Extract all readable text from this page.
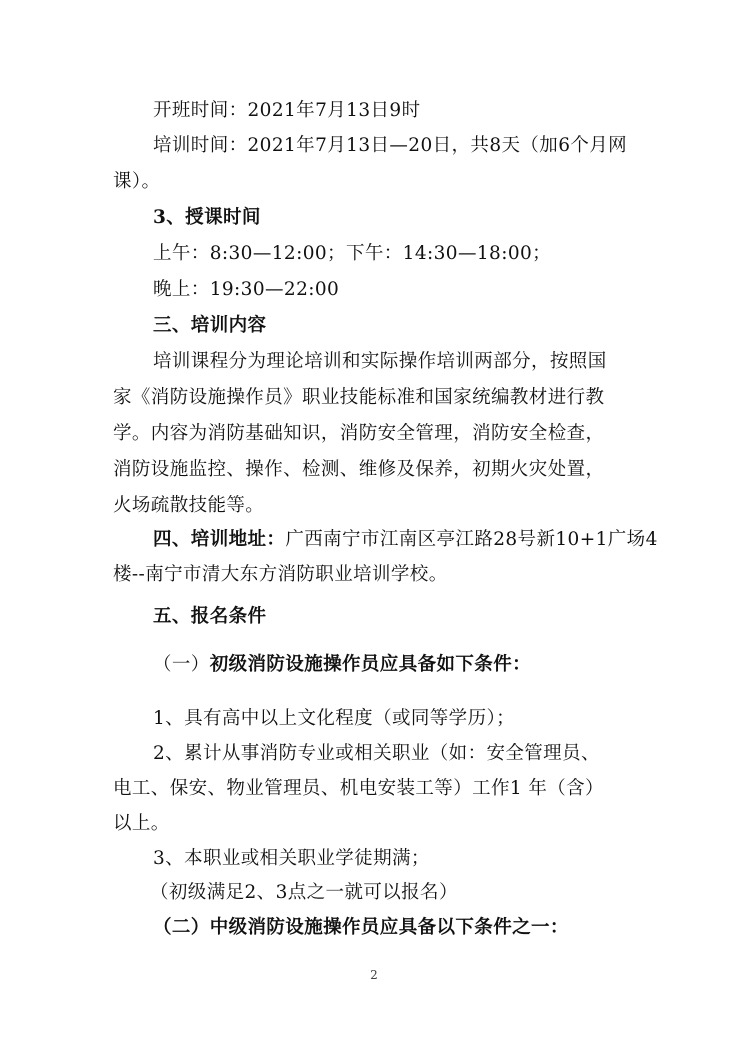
开班时间：2021年7月13日9时
培训时间：2021年7月13日—20日，共8天（加6个月网
课）。
3、授课时间
上午：8:30—12:00；下午：14:30—18:00；
晚上：19:30—22:00
三、培训内容
培训课程分为理论培训和实际操作培训两部分，按照国
家《消防设施操作员》职业技能标准和国家统编教材进行教
学。内容为消防基础知识，消防安全管理，消防安全检查，
消防设施监控、操作、检测、维修及保养，初期火灾处置，
火场疏散技能等。
四、培训地址：广西南宁市江南区亭江路28号新10+1广场4
楼--南宁市清大东方消防职业培训学校。
五、报名条件
（一）初级消防设施操作员应具备如下条件：
1、具有高中以上文化程度（或同等学历）；
2、累计从事消防专业或相关职业（如：安全管理员、
电工、保安、物业管理员、机电安装工等）工作1 年（含）
以上。
3、本职业或相关职业学徒期满；
（初级满足2、3点之一就可以报名）
（二）中级消防设施操作员应具备以下条件之一：
2
